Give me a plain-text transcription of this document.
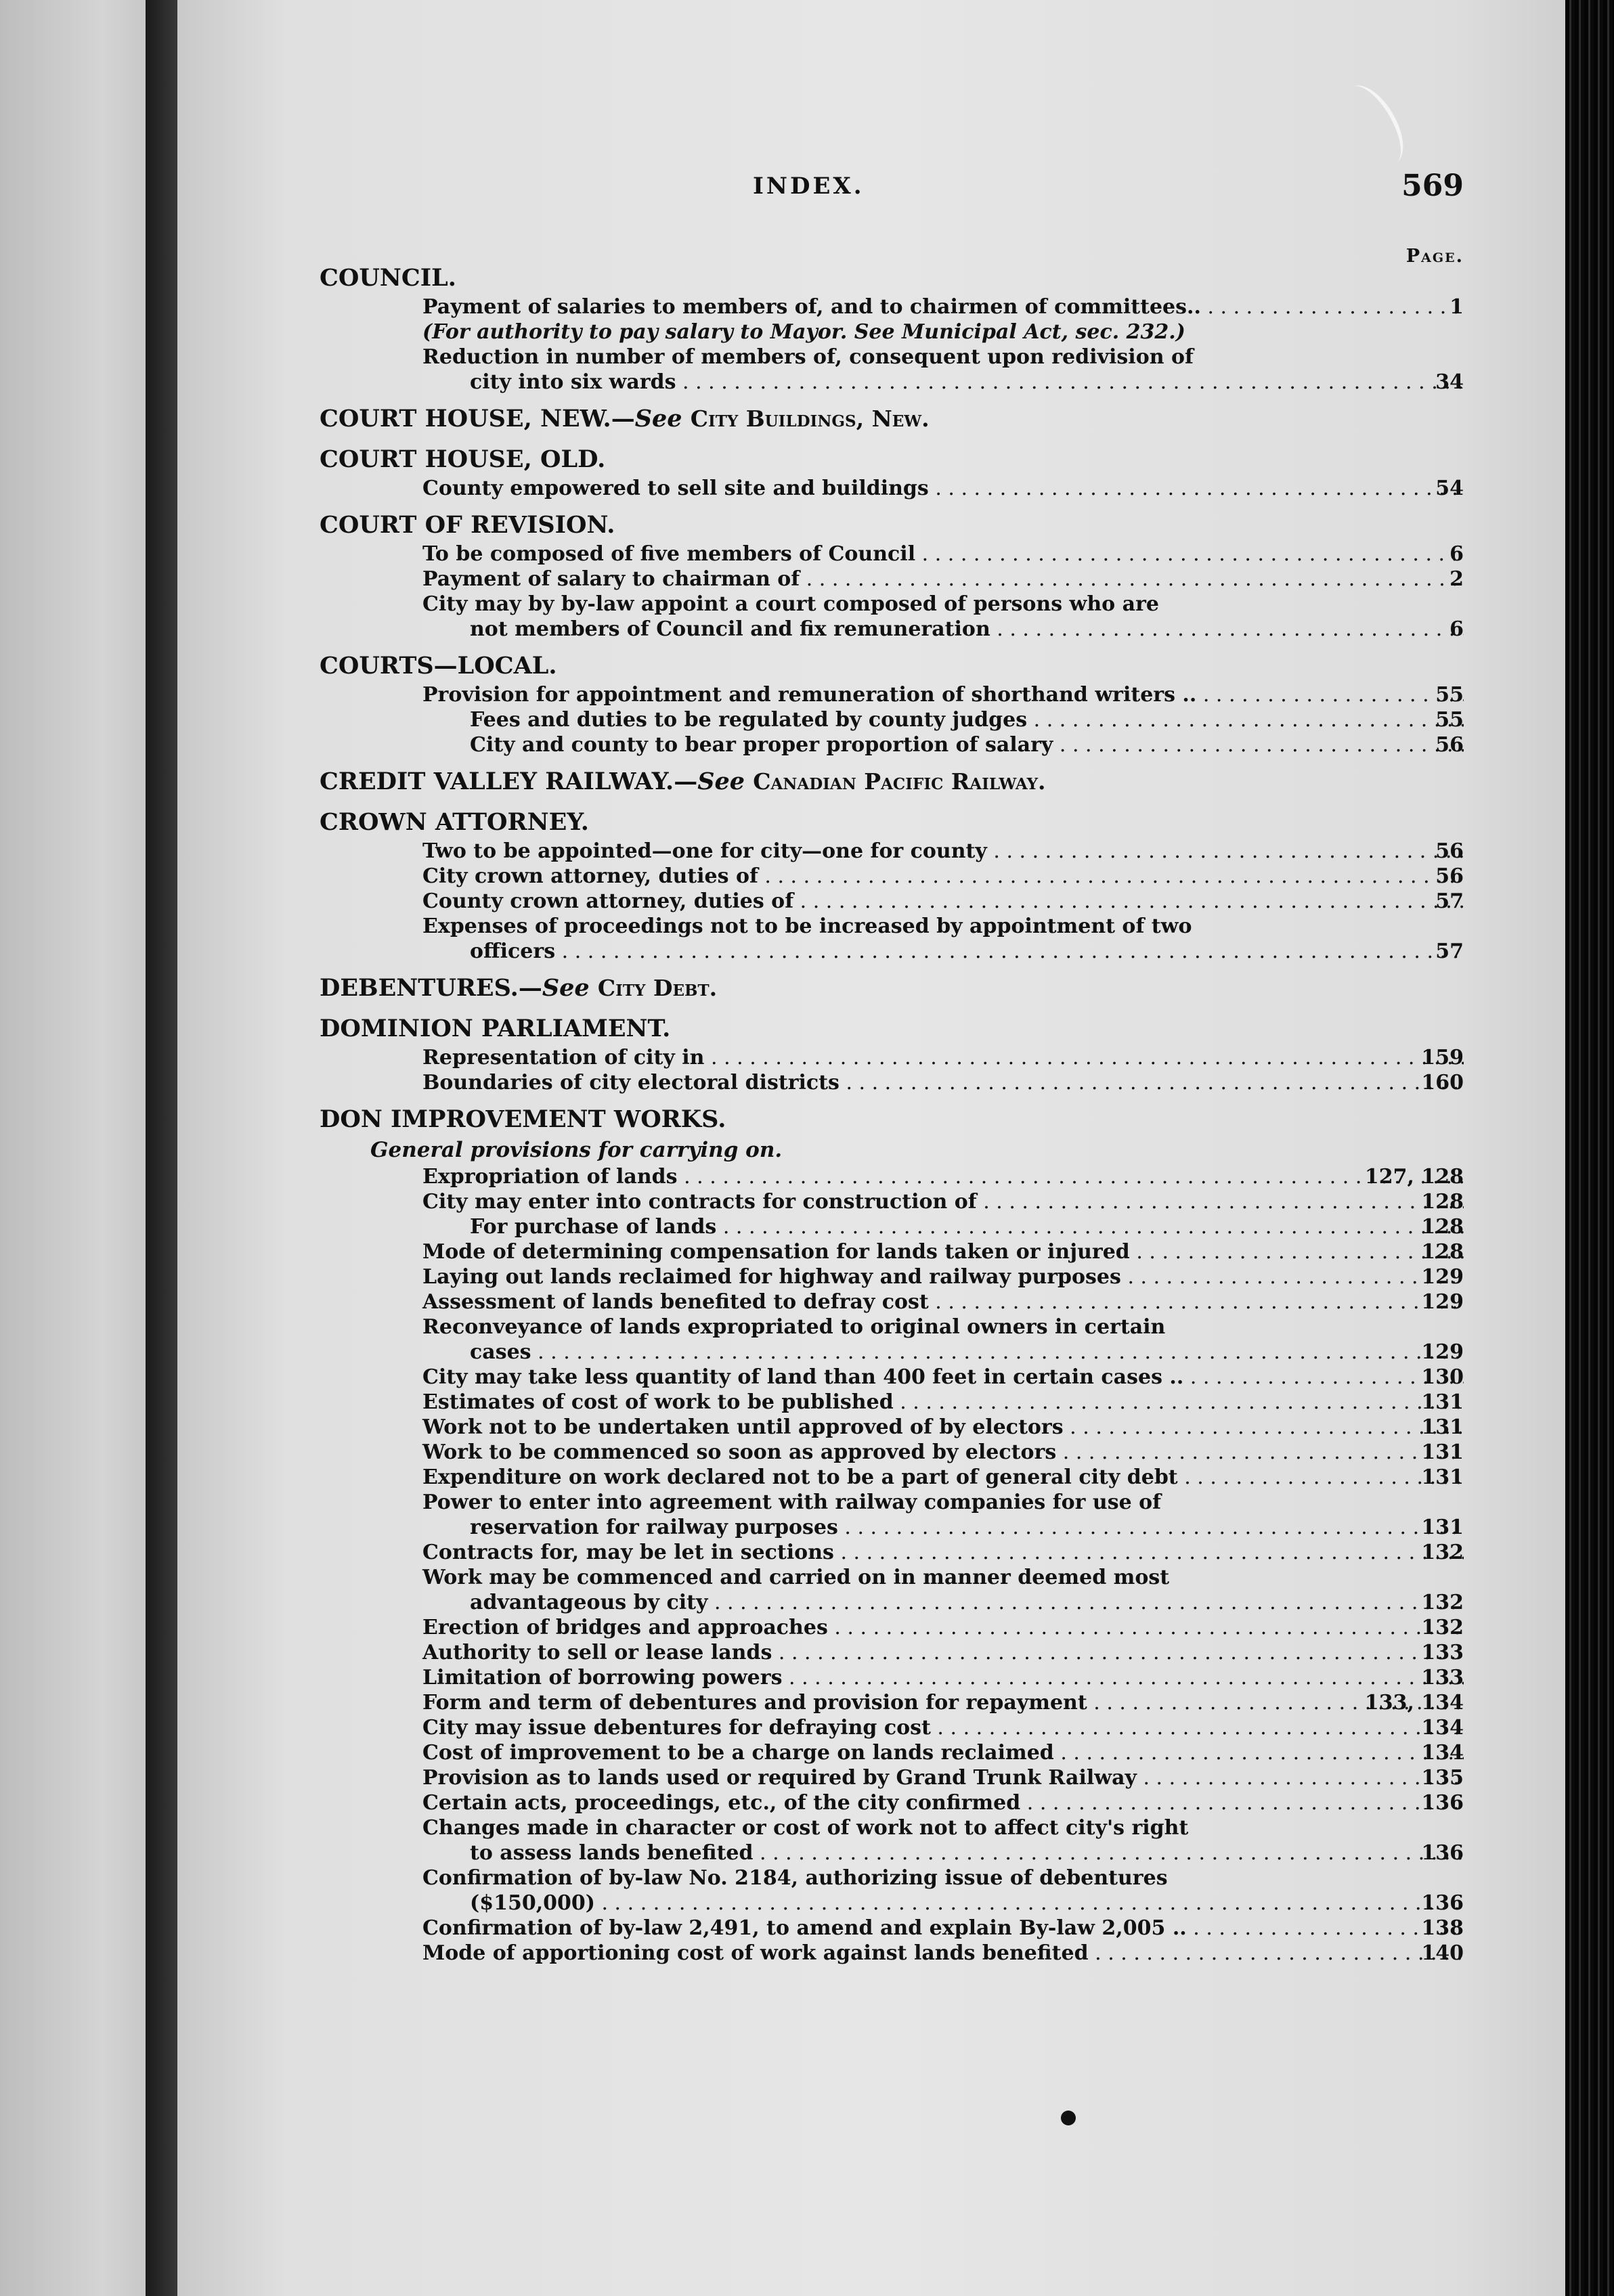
INDEX.	569
Page.
COUNCIL.
Payment of salaries to members of, and to chairmen of committees.. . . .	1
(For authority to pay salary to Mayor. See Municipal Act, sec. 232.)
Reduction in number of members of, consequent upon redivision of
city into six wards . . .	34
COURT HOUSE, NEW.—See City Buildings, New.
COURT HOUSE, OLD.
County empowered to sell site and buildings . . .	54
COURT OF REVISION.
To be composed of five members of Council . . .	6
Payment of salary to chairman of . . .	2
City may by by-law appoint a court composed of persons who are
not members of Council and fix remuneration . . .	6
COURTS—LOCAL.
Provision for appointment and remuneration of shorthand writers .. . . .	55
Fees and duties to be regulated by county judges . . .	55
City and county to bear proper proportion of salary . . .	56
CREDIT VALLEY RAILWAY.—See Canadian Pacific Railway.
CROWN ATTORNEY.
Two to be appointed—one for city—one for county . . .	56
City crown attorney, duties of . . .	56
County crown attorney, duties of . . .	57
Expenses of proceedings not to be increased by appointment of two
officers . . .	57
DEBENTURES.—See City Debt.
DOMINION PARLIAMENT.
Representation of city in . . .	159
Boundaries of city electoral districts . . .	160
DON IMPROVEMENT WORKS.
General provisions for carrying on.
Expropriation of lands . . .	127, 128
City may enter into contracts for construction of . . .	128
For purchase of lands . . .	128
Mode of determining compensation for lands taken or injured . . .	128
Laying out lands reclaimed for highway and railway purposes . . .	129
Assessment of lands benefited to defray cost . . .	129
Reconveyance of lands expropriated to original owners in certain
cases . . .	129
City may take less quantity of land than 400 feet in certain cases .. . . .	130
Estimates of cost of work to be published . . .	131
Work not to be undertaken until approved of by electors . . .	131
Work to be commenced so soon as approved by electors . . .	131
Expenditure on work declared not to be a part of general city debt . . .	131
Power to enter into agreement with railway companies for use of
reservation for railway purposes . . .	131
Contracts for, may be let in sections . . .	132
Work may be commenced and carried on in manner deemed most
advantageous by city . . .	132
Erection of bridges and approaches . . .	132
Authority to sell or lease lands . . .	133
Limitation of borrowing powers . . .	133
Form and term of debentures and provision for repayment . . .	133, 134
City may issue debentures for defraying cost . . .	134
Cost of improvement to be a charge on lands reclaimed . . .	134
Provision as to lands used or required by Grand Trunk Railway . . .	135
Certain acts, proceedings, etc., of the city confirmed . . .	136
Changes made in character or cost of work not to affect city's right
to assess lands benefited . . .	136
Confirmation of by-law No. 2184, authorizing issue of debentures
($150,000) . . .	136
Confirmation of by-law 2,491, to amend and explain By-law 2,005 .. . . .	138
Mode of apportioning cost of work against lands benefited . . .	140
